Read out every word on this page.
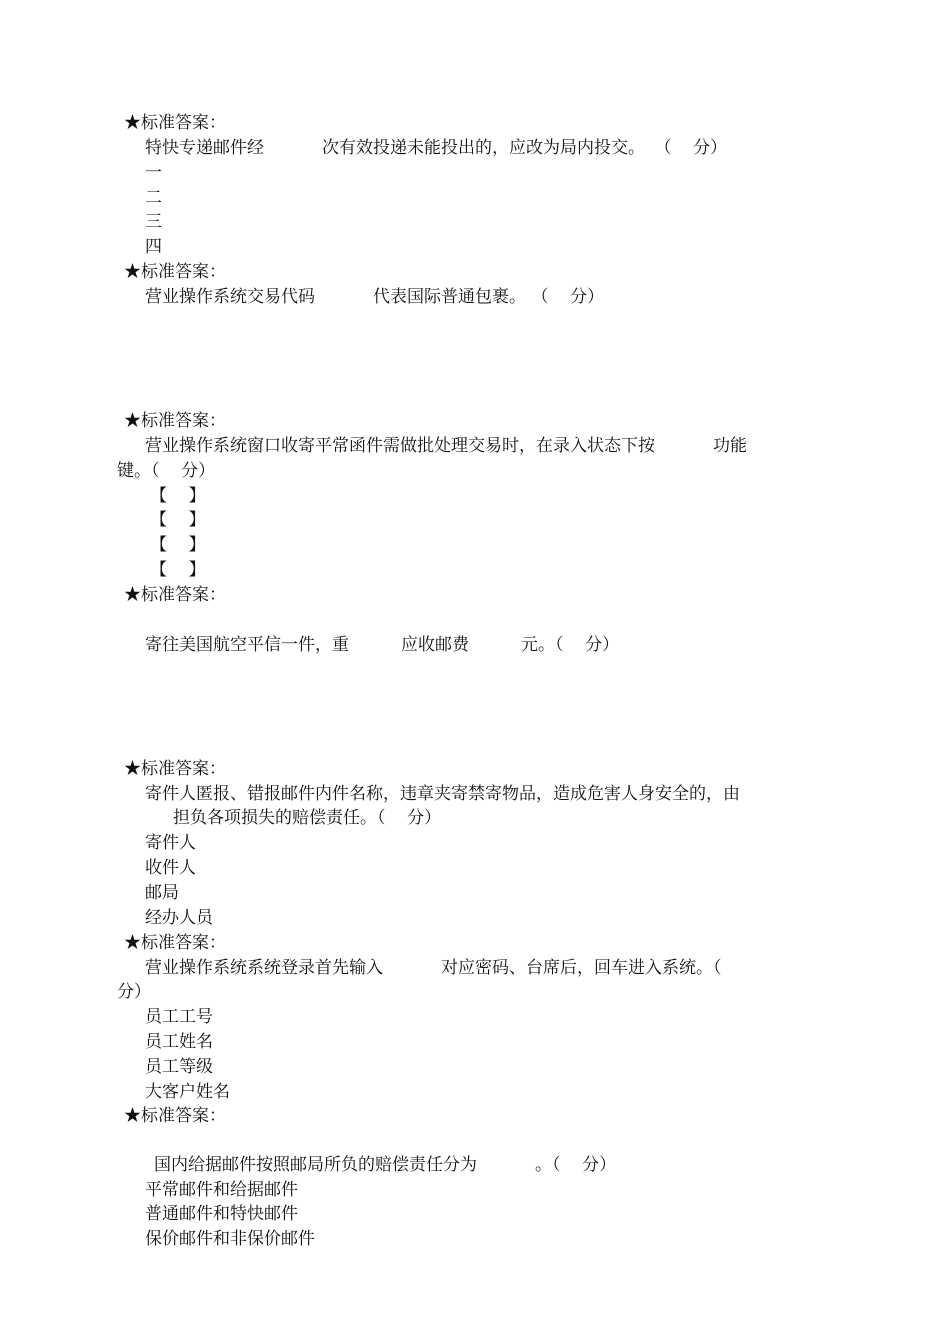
★标准答案：
特快专递邮件经	次有效投递未能投出的，应改为局内投交。 （    分）
一
二
三
四
★标准答案：
营业操作系统交易代码	代表国际普通包裹。 （    分）
★标准答案：
营业操作系统窗口收寄平常函件需做批处理交易时，在录入状态下按	功能
键。（    分）
【    】
【    】
【    】
【    】
★标准答案：
寄往美国航空平信一件，重	应收邮费	元。（    分）
★标准答案：
寄件人匿报、错报邮件内件名称，违章夹寄禁寄物品，造成危害人身安全的，由
担负各项损失的赔偿责任。（    分）
寄件人
收件人
邮局
经办人员
★标准答案：
营业操作系统系统登录首先输入	对应密码、台席后，回车进入系统。（
分）
员工工号
员工姓名
员工等级
大客户姓名
★标准答案：
国内给据邮件按照邮局所负的赔偿责任分为	。（    分）
平常邮件和给据邮件
普通邮件和特快邮件
保价邮件和非保价邮件
